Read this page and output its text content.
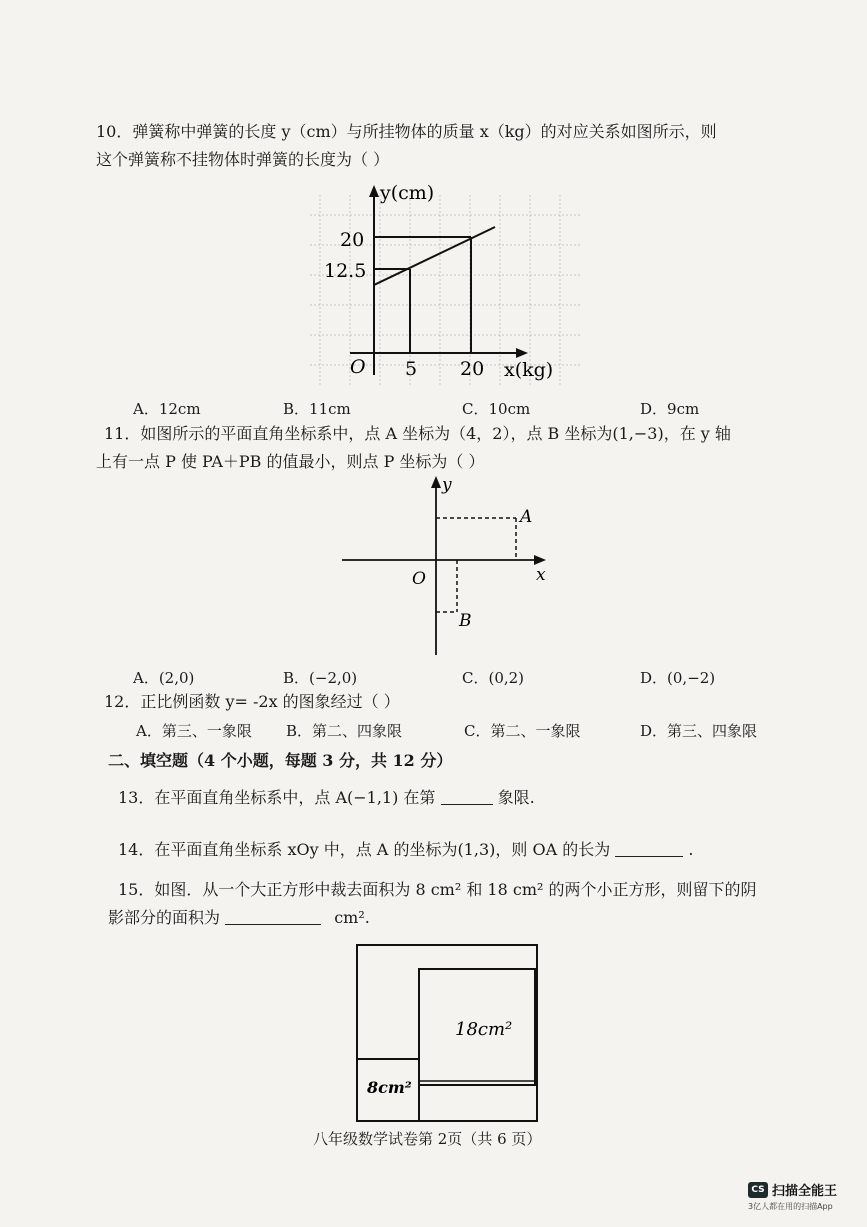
10．弹簧称中弹簧的长度 y（cm）与所挂物体的质量 x（kg）的对应关系如图所示，则
这个弹簧称不挂物体时弹簧的长度为（ ）
y(cm)
x(kg)
O
20
12.5
5 20
A．12cm	B．11cm	C．10cm	D．9cm
11．如图所示的平面直角坐标系中，点 A 坐标为（4，2），点 B 坐标为(1,−3)，在 y 轴
上有一点 P 使 PA＋PB 的值最小，则点 P 坐标为（ ）
y
x
O
A
B
A．(2,0)	B．(−2,0)	C．(0,2)	D．(0,−2)
12．正比例函数 y= -2x 的图象经过（ ）
A．第三、一象限 B．第二、四象限	C．第二、一象限	D．第三、四象限
二、填空题（4 个小题，每题 3 分，共 12 分）
13．在平面直角坐标系中，点 A(−1,1) 在第	象限.
14．在平面直角坐标系 xOy 中，点 A 的坐标为(1,3)，则 OA 的长为	.
15．如图．从一个大正方形中裁去面积为 8 cm² 和 18 cm² 的两个小正方形，则留下的阴
影部分的面积为	cm².
18cm²
8cm²
八年级数学试卷第 2页（共 6 页）
CS 扫描全能王
3亿人都在用的扫描App
